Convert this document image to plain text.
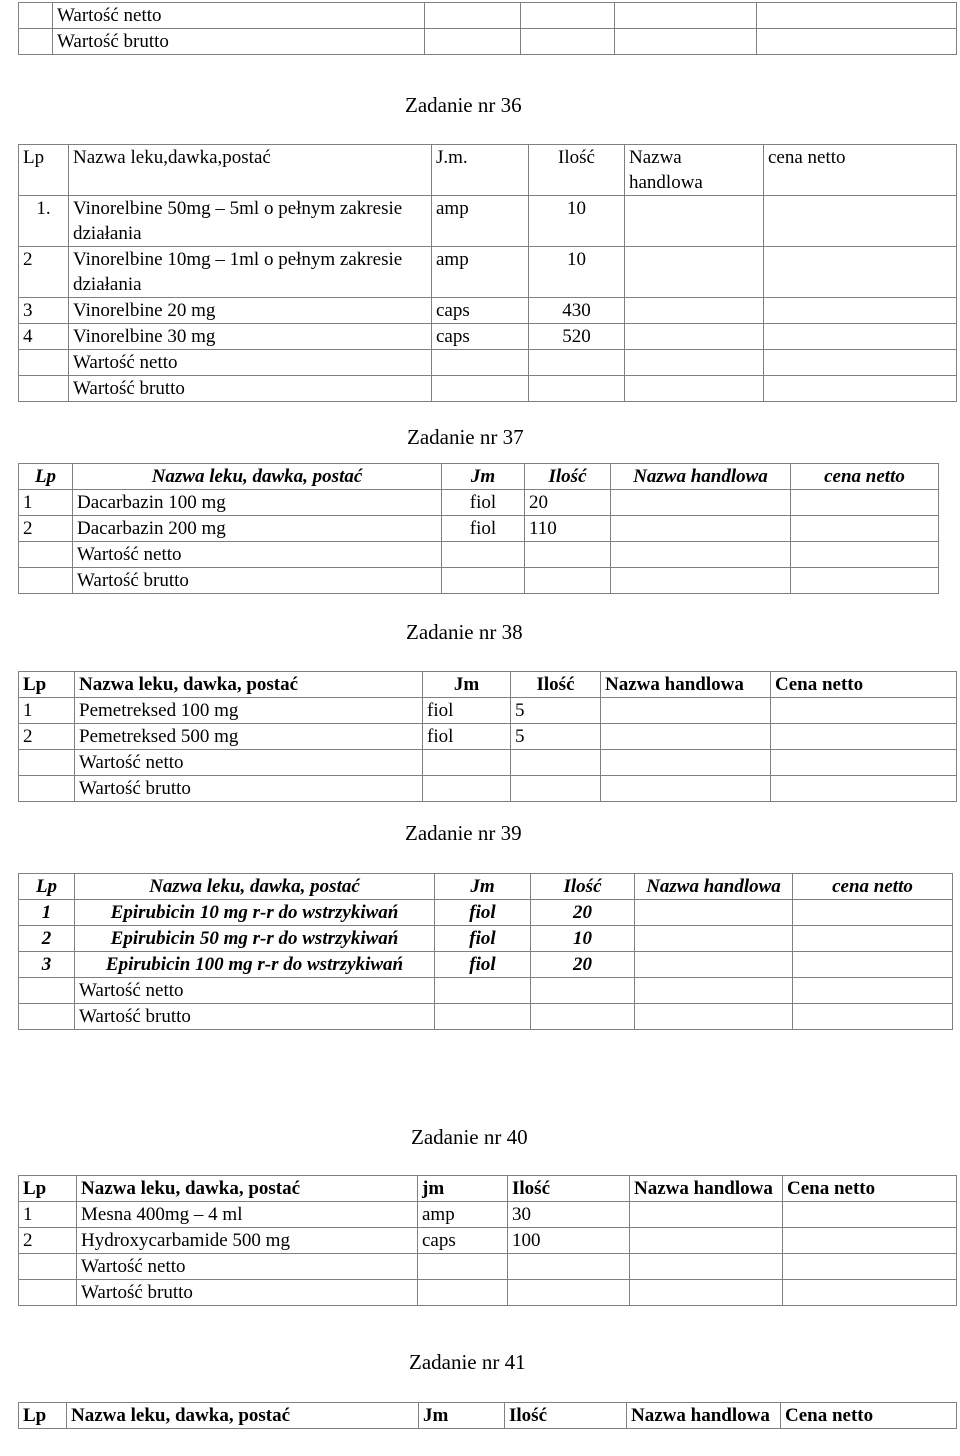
	Wartość netto				
	Wartość brutto				
Zadanie nr 36
Lp	Nazwa leku,dawka,postać	J.m.	Ilość	Nazwa handlowa	cena netto
1.	Vinorelbine 50mg – 5ml o pełnym zakresie działania	amp	10		
2	Vinorelbine 10mg – 1ml o pełnym zakresie działania	amp	10		
3	Vinorelbine 20 mg	caps	430		
4	Vinorelbine 30 mg	caps	520		
	Wartość netto				
	Wartość brutto				
Zadanie nr 37
Lp	Nazwa leku, dawka, postać	Jm	Ilość	Nazwa handlowa	cena netto
1	Dacarbazin 100 mg	fiol	20		
2	Dacarbazin 200 mg	fiol	110		
	Wartość netto				
	Wartość brutto				
Zadanie nr 38
Lp	Nazwa leku, dawka, postać	Jm	Ilość	Nazwa handlowa	Cena netto
1	Pemetreksed 100 mg	fiol	5		
2	Pemetreksed 500 mg	fiol	5		
	Wartość netto				
	Wartość brutto				
Zadanie nr 39
Lp	Nazwa leku, dawka, postać	Jm	Ilość	Nazwa handlowa	cena netto
1	Epirubicin 10 mg r-r do wstrzykiwań	fiol	20		
2	Epirubicin 50 mg r-r do wstrzykiwań	fiol	10		
3	Epirubicin 100 mg r-r do wstrzykiwań	fiol	20		
	Wartość netto				
	Wartość brutto				
Zadanie nr 40
Lp	Nazwa leku, dawka, postać	jm	Ilość	Nazwa handlowa	Cena netto
1	Mesna 400mg – 4 ml	amp	30		
2	Hydroxycarbamide 500 mg	caps	100		
	Wartość netto				
	Wartość brutto				
Zadanie nr 41
Lp	Nazwa leku, dawka, postać	Jm	Ilość	Nazwa handlowa	Cena netto
